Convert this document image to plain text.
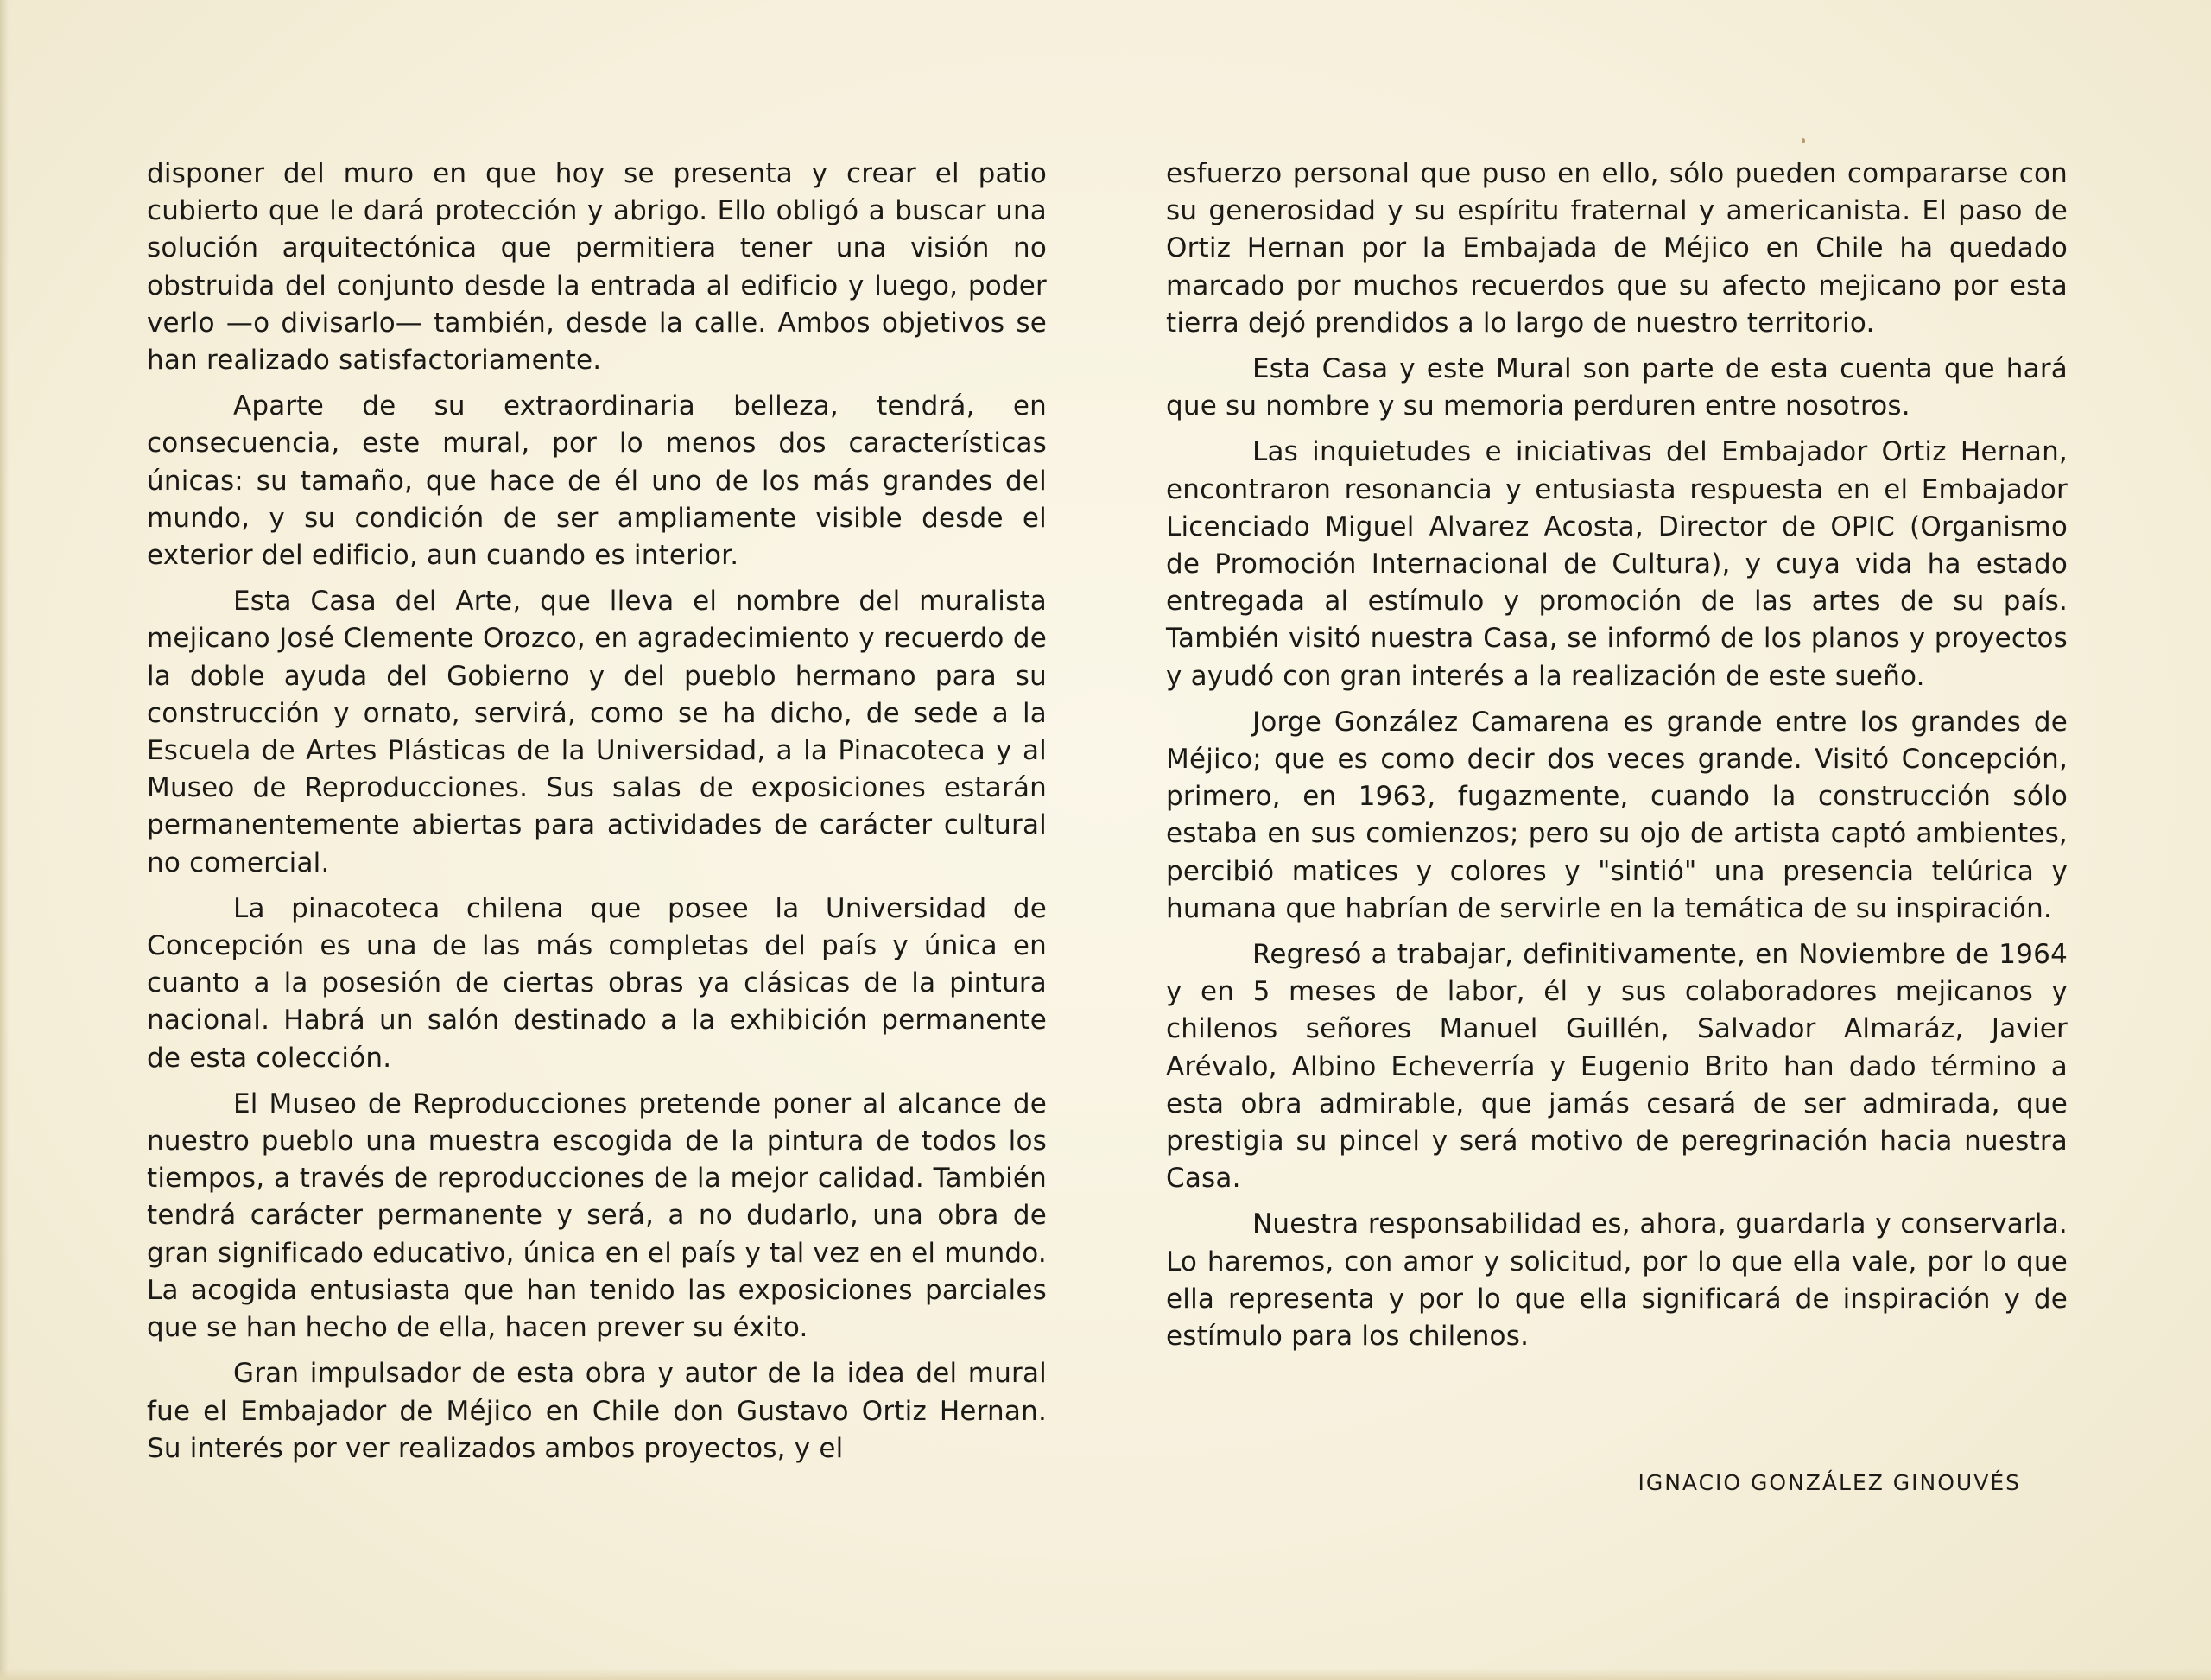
disponer del muro en que hoy se presenta y crear el patio cubierto que le dará protección y abrigo. Ello obligó a buscar una solución arquitectónica que permitiera tener una visión no obstruida del conjunto desde la entrada al edificio y luego, poder verlo —o divisarlo— también, desde la calle. Ambos objetivos se han realizado satisfactoriamente.

Aparte de su extraordinaria belleza, tendrá, en consecuencia, este mural, por lo menos dos características únicas: su tamaño, que hace de él uno de los más grandes del mundo, y su condición de ser ampliamente visible desde el exterior del edificio, aun cuando es interior.

Esta Casa del Arte, que lleva el nombre del muralista mejicano José Clemente Orozco, en agradecimiento y recuerdo de la doble ayuda del Gobierno y del pueblo hermano para su construcción y ornato, servirá, como se ha dicho, de sede a la Escuela de Artes Plásticas de la Universidad, a la Pinacoteca y al Museo de Reproducciones. Sus salas de exposiciones estarán permanentemente abiertas para actividades de carácter cultural no comercial.

La pinacoteca chilena que posee la Universidad de Concepción es una de las más completas del país y única en cuanto a la posesión de ciertas obras ya clásicas de la pintura nacional. Habrá un salón destinado a la exhibición permanente de esta colección.

El Museo de Reproducciones pretende poner al alcance de nuestro pueblo una muestra escogida de la pintura de todos los tiempos, a través de reproducciones de la mejor calidad. También tendrá carácter permanente y será, a no dudarlo, una obra de gran significado educativo, única en el país y tal vez en el mundo. La acogida entusiasta que han tenido las exposiciones parciales que se han hecho de ella, hacen prever su éxito.

Gran impulsador de esta obra y autor de la idea del mural fue el Embajador de Méjico en Chile don Gustavo Ortiz Hernan. Su interés por ver realizados ambos proyectos, y el

esfuerzo personal que puso en ello, sólo pueden compararse con su generosidad y su espíritu fraternal y americanista. El paso de Ortiz Hernan por la Embajada de Méjico en Chile ha quedado marcado por muchos recuerdos que su afecto mejicano por esta tierra dejó prendidos a lo largo de nuestro territorio.

Esta Casa y este Mural son parte de esta cuenta que hará que su nombre y su memoria perduren entre nosotros.

Las inquietudes e iniciativas del Embajador Ortiz Hernan, encontraron resonancia y entusiasta respuesta en el Embajador Licenciado Miguel Alvarez Acosta, Director de OPIC (Organismo de Promoción Internacional de Cultura), y cuya vida ha estado entregada al estímulo y promoción de las artes de su país. También visitó nuestra Casa, se informó de los planos y proyectos y ayudó con gran interés a la realización de este sueño.

Jorge González Camarena es grande entre los grandes de Méjico; que es como decir dos veces grande. Visitó Concepción, primero, en 1963, fugazmente, cuando la construcción sólo estaba en sus comienzos; pero su ojo de artista captó ambientes, percibió matices y colores y "sintió" una presencia telúrica y humana que habrían de servirle en la temática de su inspiración.

Regresó a trabajar, definitivamente, en Noviembre de 1964 y en 5 meses de labor, él y sus colaboradores mejicanos y chilenos señores Manuel Guillén, Salvador Almaráz, Javier Arévalo, Albino Echeverría y Eugenio Brito han dado término a esta obra admirable, que jamás cesará de ser admirada, que prestigia su pincel y será motivo de peregrinación hacia nuestra Casa.

Nuestra responsabilidad es, ahora, guardarla y conservarla. Lo haremos, con amor y solicitud, por lo que ella vale, por lo que ella representa y por lo que ella significará de inspiración y de estímulo para los chilenos.

IGNACIO GONZÁLEZ GINOUVÉS
